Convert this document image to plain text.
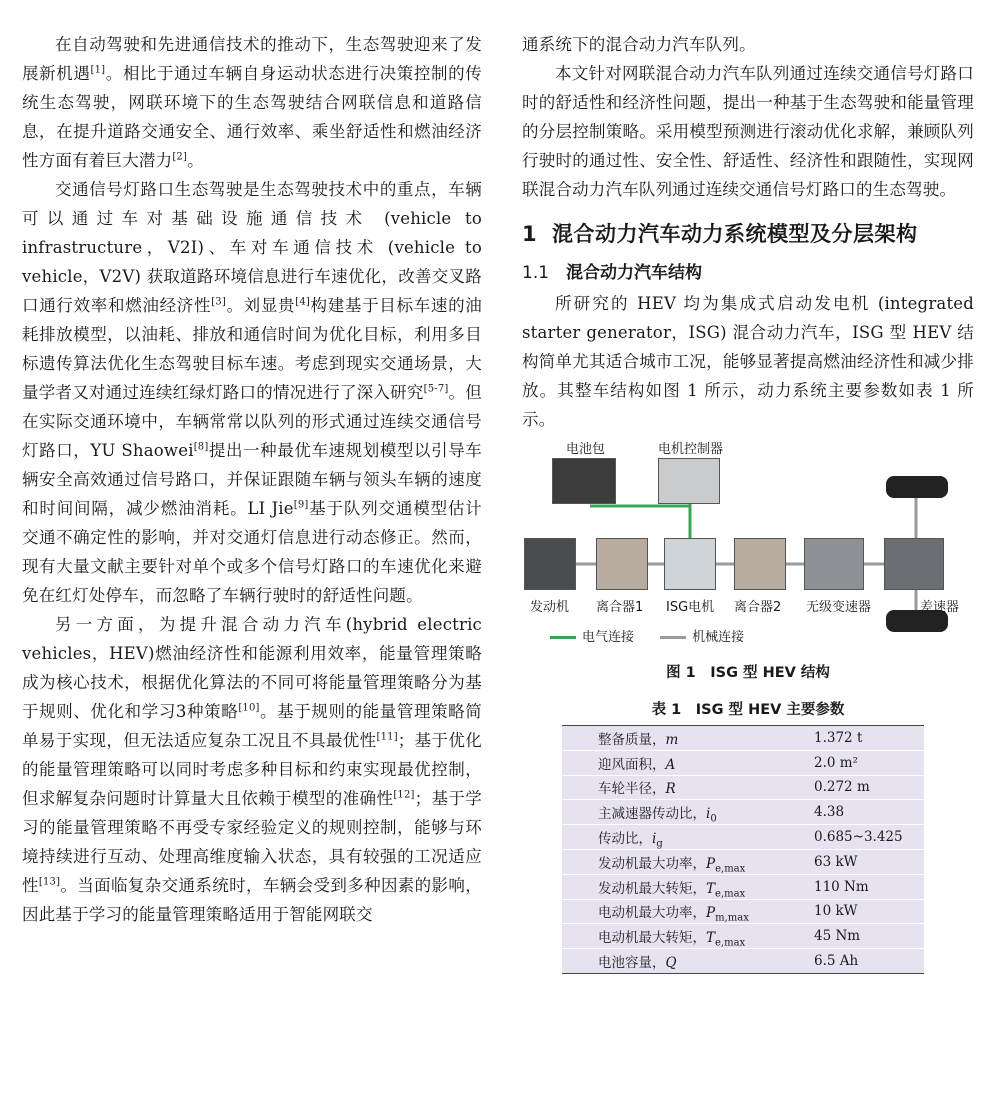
在自动驾驶和先进通信技术的推动下，生态驾驶迎来了发展新机遇[1]。相比于通过车辆自身运动状态进行决策控制的传统生态驾驶，网联环境下的生态驾驶结合网联信息和道路信息，在提升道路交通安全、通行效率、乘坐舒适性和燃油经济性方面有着巨大潜力[2]。

交通信号灯路口生态驾驶是生态驾驶技术中的重点，车辆可以通过车对基础设施通信技术 (vehicle to infrastructure，V2I)、车对车通信技术 (vehicle to vehicle，V2V) 获取道路环境信息进行车速优化，改善交叉路口通行效率和燃油经济性[3]。刘显贵[4]构建基于目标车速的油耗排放模型，以油耗、排放和通信时间为优化目标，利用多目标遗传算法优化生态驾驶目标车速。考虑到现实交通场景，大量学者又对通过连续红绿灯路口的情况进行了深入研究[5-7]。但在实际交通环境中，车辆常常以队列的形式通过连续交通信号灯路口，YU Shaowei[8]提出一种最优车速规划模型以引导车辆安全高效通过信号路口，并保证跟随车辆与领头车辆的速度和时间间隔，减少燃油消耗。LI Jie[9]基于队列交通模型估计交通不确定性的影响，并对交通灯信息进行动态修正。然而，现有大量文献主要针对单个或多个信号灯路口的车速优化来避免在红灯处停车，而忽略了车辆行驶时的舒适性问题。

另一方面，为提升混合动力汽车(hybrid electric vehicles，HEV)燃油经济性和能源利用效率，能量管理策略成为核心技术，根据优化算法的不同可将能量管理策略分为基于规则、优化和学习3种策略[10]。基于规则的能量管理策略简单易于实现，但无法适应复杂工况且不具最优性[11]；基于优化的能量管理策略可以同时考虑多种目标和约束实现最优控制，但求解复杂问题时计算量大且依赖于模型的准确性[12]；基于学习的能量管理策略不再受专家经验定义的规则控制，能够与环境持续进行互动、处理高维度输入状态，具有较强的工况适应性[13]。当面临复杂交通系统时，车辆会受到多种因素的影响，因此基于学习的能量管理策略适用于智能网联交

通系统下的混合动力汽车队列。

本文针对网联混合动力汽车队列通过连续交通信号灯路口时的舒适性和经济性问题，提出一种基于生态驾驶和能量管理的分层控制策略。采用模型预测进行滚动优化求解，兼顾队列行驶时的通过性、安全性、舒适性、经济性和跟随性，实现网联混合动力汽车队列通过连续交通信号灯路口的生态驾驶。

1 混合动力汽车动力系统模型及分层架构
1.1 混合动力汽车结构

所研究的 HEV 均为集成式启动发电机 (integrated starter generator，ISG) 混合动力汽车，ISG 型 HEV 结构简单尤其适合城市工况，能够显著提高燃油经济性和减少排放。其整车结构如图 1 所示，动力系统主要参数如表 1 所示。

电池包	电机控制器
发动机 离合器1 ISG电机 离合器2 无级变速器	差速器
电气连接	机械连接
图 1　ISG 型 HEV 结构
表 1　ISG 型 HEV 主要参数
整备质量，m	1.372 t
迎风面积，A	2.0 m²
车轮半径，R	0.272 m
主减速器传动比，$i_0$	4.38
传动比，$i_g$	0.685~3.425
发动机最大功率，$P_{e,max}$	63 kW
发动机最大转矩，$T_{e,max}$	110 Nm
电动机最大功率，$P_{m,max}$	10 kW
电动机最大转矩，$T_{e,max}$	45 Nm
电池容量，Q	6.5 Ah
